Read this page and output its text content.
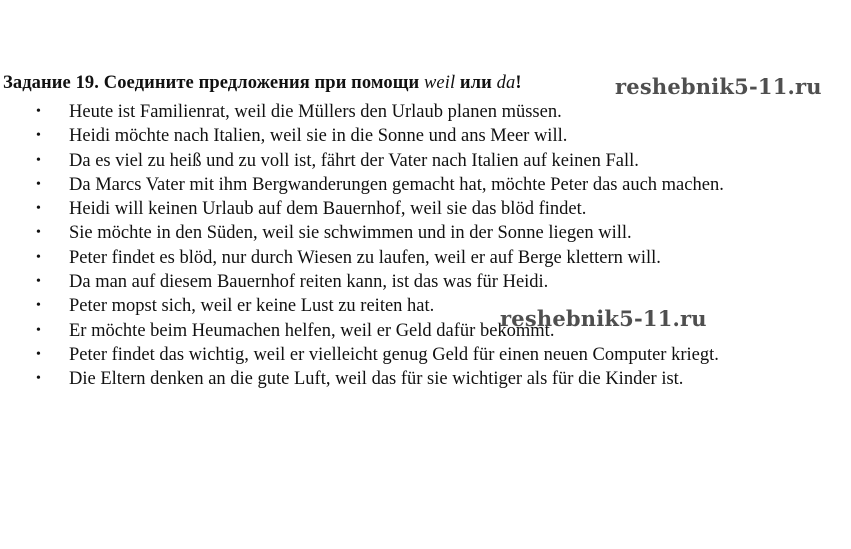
Задание 19. Соедините предложения при помощи weil или da!	reshebnik5-11.ru
• Heute ist Familienrat, weil die Müllers den Urlaub planen müssen.
• Heidi möchte nach Italien, weil sie in die Sonne und ans Meer will.
• Da es viel zu heiß und zu voll ist, fährt der Vater nach Italien auf keinen Fall.
• Da Marcs Vater mit ihm Bergwanderungen gemacht hat, möchte Peter das auch machen.
• Heidi will keinen Urlaub auf dem Bauernhof, weil sie das blöd findet.
• Sie möchte in den Süden, weil sie schwimmen und in der Sonne liegen will.
• Peter findet es blöd, nur durch Wiesen zu laufen, weil er auf Berge klettern will.
• Da man auf diesem Bauernhof reiten kann, ist das was für Heidi.
• Peter mopst sich, weil er keine Lust zu reiten hat.
• Er möchte beim Heumachen helfen, weil er Geld dafür bekommt.
• Peter findet das wichtig, weil er vielleicht genug Geld für einen neuen Computer kriegt.
• Die Eltern denken an die gute Luft, weil das für sie wichtiger als für die Kinder ist.
reshebnik5-11.ru
